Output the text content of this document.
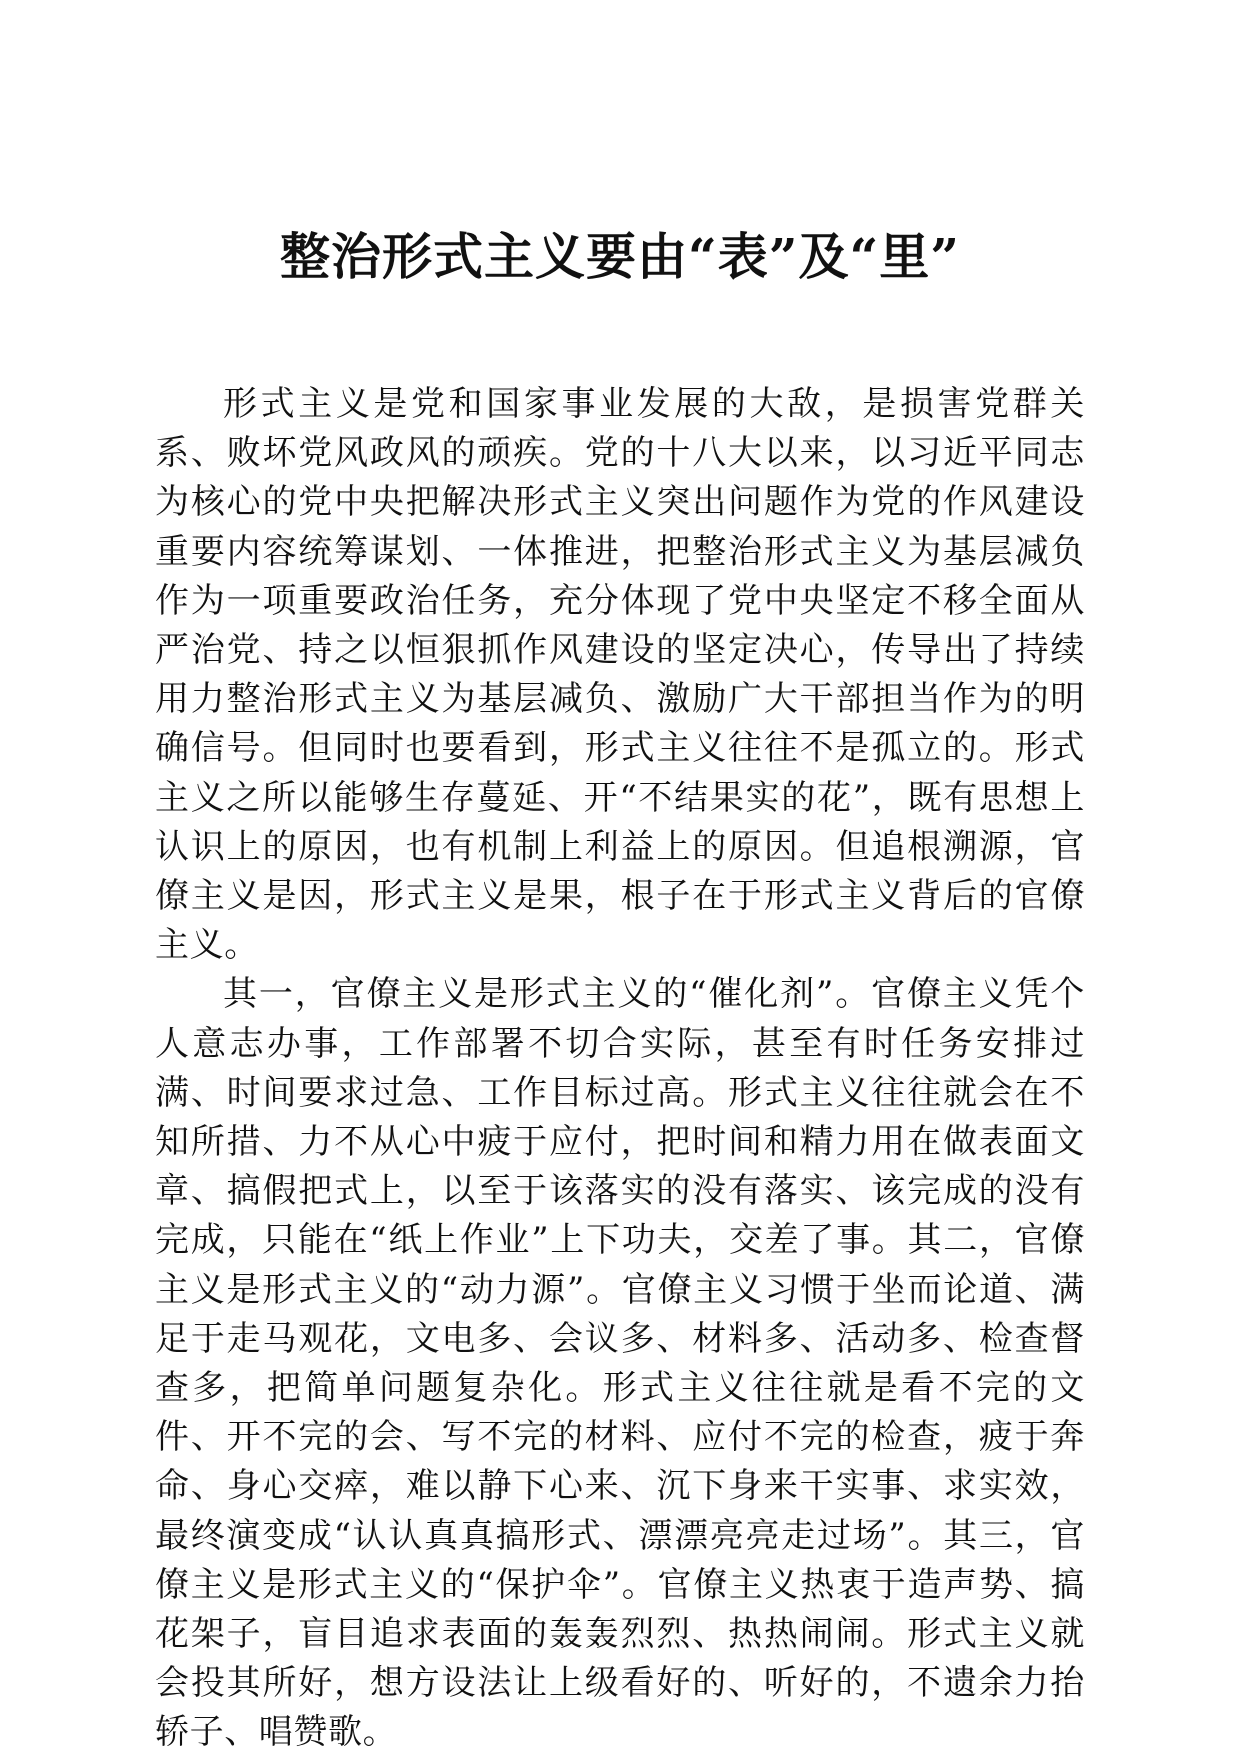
整治形式主义要由“表”及“里”

形式主义是党和国家事业发展的大敌，是损害党群关系、败坏党风政风的顽疾。党的十八大以来，以习近平同志为核心的党中央把解决形式主义突出问题作为党的作风建设重要内容统筹谋划、一体推进，把整治形式主义为基层减负作为一项重要政治任务，充分体现了党中央坚定不移全面从严治党、持之以恒狠抓作风建设的坚定决心，传导出了持续用力整治形式主义为基层减负、激励广大干部担当作为的明确信号。但同时也要看到，形式主义往往不是孤立的。形式主义之所以能够生存蔓延、开“不结果实的花”，既有思想上认识上的原因，也有机制上利益上的原因。但追根溯源，官僚主义是因，形式主义是果，根子在于形式主义背后的官僚主义。

其一，官僚主义是形式主义的“催化剂”。官僚主义凭个人意志办事，工作部署不切合实际，甚至有时任务安排过满、时间要求过急、工作目标过高。形式主义往往就会在不知所措、力不从心中疲于应付，把时间和精力用在做表面文章、搞假把式上，以至于该落实的没有落实、该完成的没有完成，只能在“纸上作业”上下功夫，交差了事。其二，官僚主义是形式主义的“动力源”。官僚主义习惯于坐而论道、满足于走马观花，文电多、会议多、材料多、活动多、检查督查多，把简单问题复杂化。形式主义往往就是看不完的文件、开不完的会、写不完的材料、应付不完的检查，疲于奔命、身心交瘁，难以静下心来、沉下身来干实事、求实效，最终演变成“认认真真搞形式、漂漂亮亮走过场”。其三，官僚主义是形式主义的“保护伞”。官僚主义热衷于造声势、搞花架子，盲目追求表面的轰轰烈烈、热热闹闹。形式主义就会投其所好，想方设法让上级看好的、听好的，不遗余力抬轿子、唱赞歌。
